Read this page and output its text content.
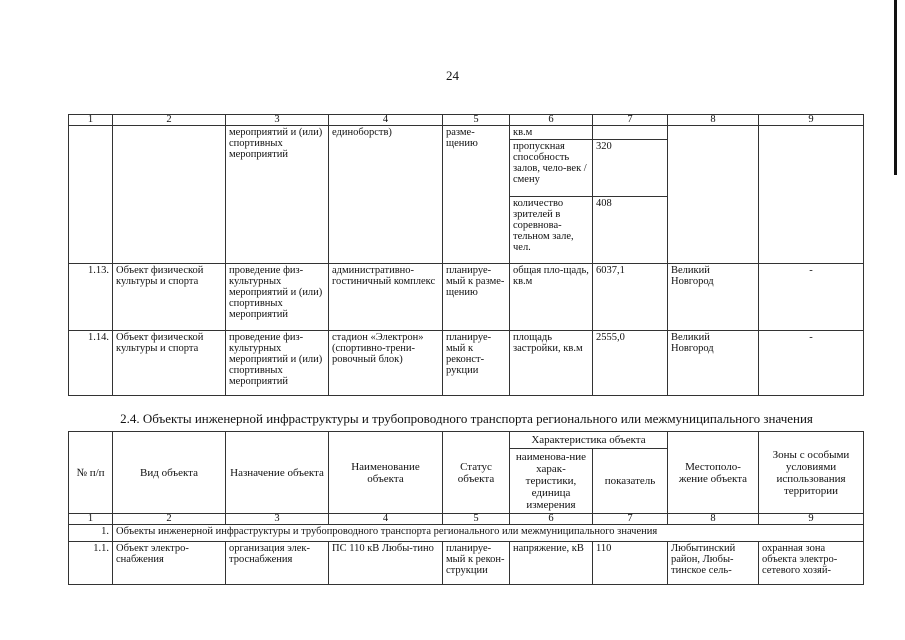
24
1	2	3	4	5	6	7	8	9
		мероприятий и (или) спортивных мероприятий	единоборств)	разме-щению	кв.м			
					пропускная способность залов, чело-век / смену	320		
					количество зрителей в соревнова-тельном зале, чел.	408		
1.13.	Объект физической культуры и спорта	проведение физ-культурных мероприятий и (или) спортивных мероприятий	административно-гостиничный комплекс	планируе-мый к разме-щению	общая пло-щадь, кв.м	6037,1	Великий Новгород	-
1.14.	Объект физической культуры и спорта	проведение физ-культурных мероприятий и (или) спортивных мероприятий	стадион «Электрон» (спортивно-трени-ровочный блок)	планируе-мый к реконст-рукции	площадь застройки, кв.м	2555,0	Великий Новгород	-
2.4. Объекты инженерной инфраструктуры и трубопроводного транспорта регионального или межмуниципального значения
№ п/п	Вид объекта	Назначение объекта	Наименование объекта	Статус объекта	Характеристика объекта		Местополо-жение объекта	Зоны с особыми условиями использования территории
					наименова-ние харак-теристики, единица измерения	показатель		
1	2	3	4	5	6	7	8	9
1.	Объекты инженерной инфраструктуры и трубопроводного транспорта регионального или межмуниципального значения							
1.1.	Объект электро-снабжения	организация элек-троснабжения	ПС 110 кВ Любы-тино	планируе-мый к рекон-струкции	напряжение, кВ	110	Любытинский район, Любы-тинское сель-	охранная зона объекта электро-сетевого хозяй-
